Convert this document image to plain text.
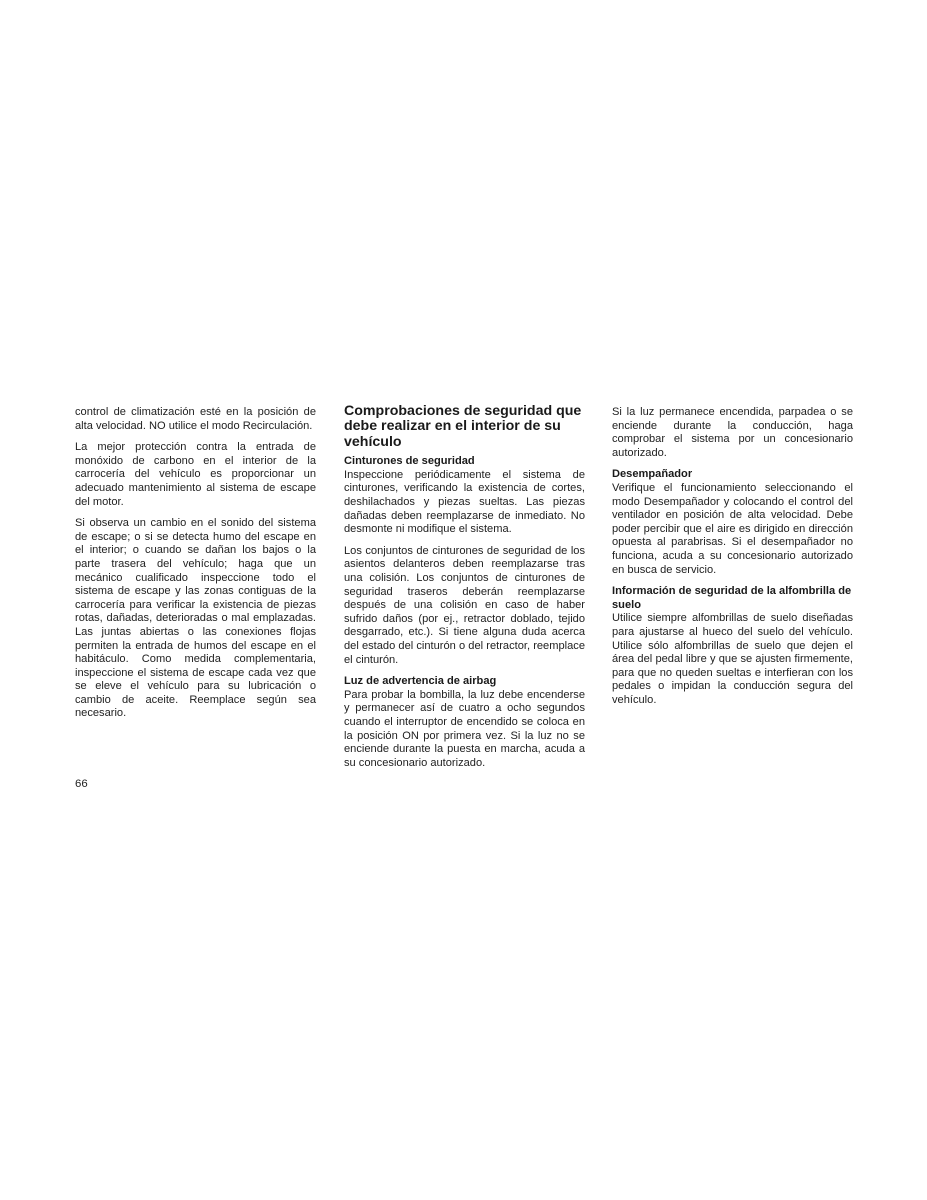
control de climatización esté en la posición de alta velocidad. NO utilice el modo Recirculación.

La mejor protección contra la entrada de monóxido de carbono en el interior de la carrocería del vehículo es proporcionar un adecuado mantenimiento al sistema de escape del motor.

Si observa un cambio en el sonido del sistema de escape; o si se detecta humo del escape en el interior; o cuando se dañan los bajos o la parte trasera del vehículo; haga que un mecánico cualificado inspeccione todo el sistema de escape y las zonas contiguas de la carrocería para verificar la existencia de piezas rotas, dañadas, deterioradas o mal emplazadas. Las juntas abiertas o las conexiones flojas permiten la entrada de humos del escape en el habitáculo. Como medida complementaria, inspeccione el sistema de escape cada vez que se eleve el vehículo para su lubricación o cambio de aceite. Reemplace según sea necesario.

Comprobaciones de seguridad que debe realizar en el interior de su vehículo
Cinturones de seguridad

Inspeccione periódicamente el sistema de cinturones, verificando la existencia de cortes, deshilachados y piezas sueltas. Las piezas dañadas deben reemplazarse de inmediato. No desmonte ni modifique el sistema.

Los conjuntos de cinturones de seguridad de los asientos delanteros deben reemplazarse tras una colisión. Los conjuntos de cinturones de seguridad traseros deberán reemplazarse después de una colisión en caso de haber sufrido daños (por ej., retractor doblado, tejido desgarrado, etc.). Si tiene alguna duda acerca del estado del cinturón o del retractor, reemplace el cinturón.

Luz de advertencia de airbag

Para probar la bombilla, la luz debe encenderse y permanecer así de cuatro a ocho segundos cuando el interruptor de encendido se coloca en la posición ON por primera vez. Si la luz no se enciende durante la puesta en marcha, acuda a su concesionario autorizado.

Si la luz permanece encendida, parpadea o se enciende durante la conducción, haga comprobar el sistema por un concesionario autorizado.

Desempañador

Verifique el funcionamiento seleccionando el modo Desempañador y colocando el control del ventilador en posición de alta velocidad. Debe poder percibir que el aire es dirigido en dirección opuesta al parabrisas. Si el desempañador no funciona, acuda a su concesionario autorizado en busca de servicio.

Información de seguridad de la alfombrilla de suelo

Utilice siempre alfombrillas de suelo diseñadas para ajustarse al hueco del suelo del vehículo. Utilice sólo alfombrillas de suelo que dejen el área del pedal libre y que se ajusten firmemente, para que no queden sueltas e interfieran con los pedales o impidan la conducción segura del vehículo.

66
